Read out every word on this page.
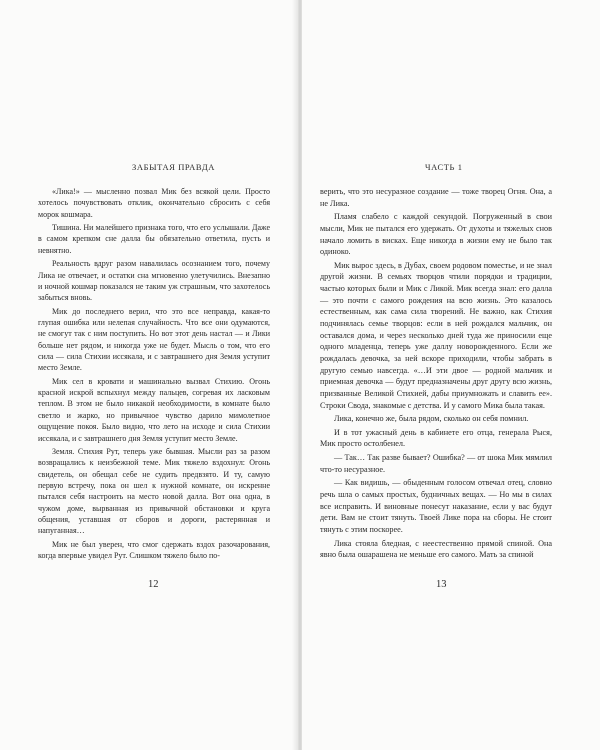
ЗАБЫТАЯ ПРАВДА

«Лика!» — мысленно позвал Мик без всякой цели. Просто хотелось почувствовать отклик, окончательно сбросить с себя морок кошмара.

Тишина. Ни малейшего признака того, что его услышали. Даже в самом крепком сне далла бы обязательно ответила, пусть и невнятно.

Реальность вдруг разом навалилась осознанием того, почему Лика не отвечает, и остатки сна мгновенно улетучились. Внезапно и ночной кошмар показался не таким уж страшным, что захотелось забыться вновь.

Мик до последнего верил, что это все неправда, какая-то глупая ошибка или нелепая случайность. Что все они одумаются, не смогут так с ним поступить. Но вот этот день настал — и Лики больше нет рядом, и никогда уже не будет. Мысль о том, что его сила — сила Стихии иссякала, и с завтрашнего дня Земля уступит место Земле.

Мик сел в кровати и машинально вызвал Стихию. Огонь красной искрой вспыхнул между пальцев, согревая их ласковым теплом. В этом не было никакой необходимости, в комнате было светло и жарко, но привычное чувство дарило мимолетное ощущение покоя. Было видно, что лето на исходе и сила Стихии иссякала, и с завтрашнего дня Земля уступит место Земле.

Земля. Стихия Рут, теперь уже бывшая. Мысли раз за разом возвращались к неизбежной теме. Мик тяжело вздохнул: Огонь свидетель, он обещал себе не судить предвзято. И ту, самую первую встречу, пока он шел к нужной комнате, он искренне пытался себя настроить на место новой далла. Вот она одна, в чужом доме, вырванная из привычной обстановки и круга общения, уставшая от сборов и дороги, растерянная и напуганная…

Мик не был уверен, что смог сдержать вздох разочарования, когда впервые увидел Рут. Слишком тяжело было по-

12
ЧАСТЬ 1

верить, что это несуразное создание — тоже творец Огня. Она, а не Лика.

Пламя слабело с каждой секундой. Погруженный в свои мысли, Мик не пытался его удержать. От духоты и тяжелых снов начало ломить в висках. Еще никогда в жизни ему не было так одиноко.

Мик вырос здесь, в Дубах, своем родовом поместье, и не знал другой жизни. В семьях творцов чтили порядки и традиции, частью которых были и Мик с Ликой. Мик всегда знал: его далла — это почти с самого рождения на всю жизнь. Это казалось естественным, как сама сила творений. Не важно, как Стихия подчинялась семье творцов: если в ней рождался мальчик, он оставался дома, и через несколько дней туда же приносили еще одного младенца, теперь уже даллу новорожденного. Если же рождалась девочка, за ней вскоре приходили, чтобы забрать в другую семью навсегда. «…И эти двое — родной мальчик и приемная девочка — будут предназначены друг другу всю жизнь, призванные Великой Стихией, дабы приумножать и славить ее». Строки Свода, знакомые с детства. И у самого Мика была такая.

Лика, конечно же, была рядом, сколько он себя помнил.

И в тот ужасный день в кабинете его отца, генерала Рыся, Мик просто остолбенел.

— Так… Так разве бывает? Ошибка? — от шока Мик мямлил что-то несуразное.

— Как видишь, — обыденным голосом отвечал отец, словно речь шла о самых простых, будничных вещах. — Но мы в силах все исправить. И виновные понесут наказание, если у вас будут дети. Вам не стоит тянуть. Твоей Лике пора на сборы. Не стоит тянуть с этим поскорее.

Лика стояла бледная, с неестественно прямой спиной. Она явно была ошарашена не меньше его самого. Мать за спиной

13
